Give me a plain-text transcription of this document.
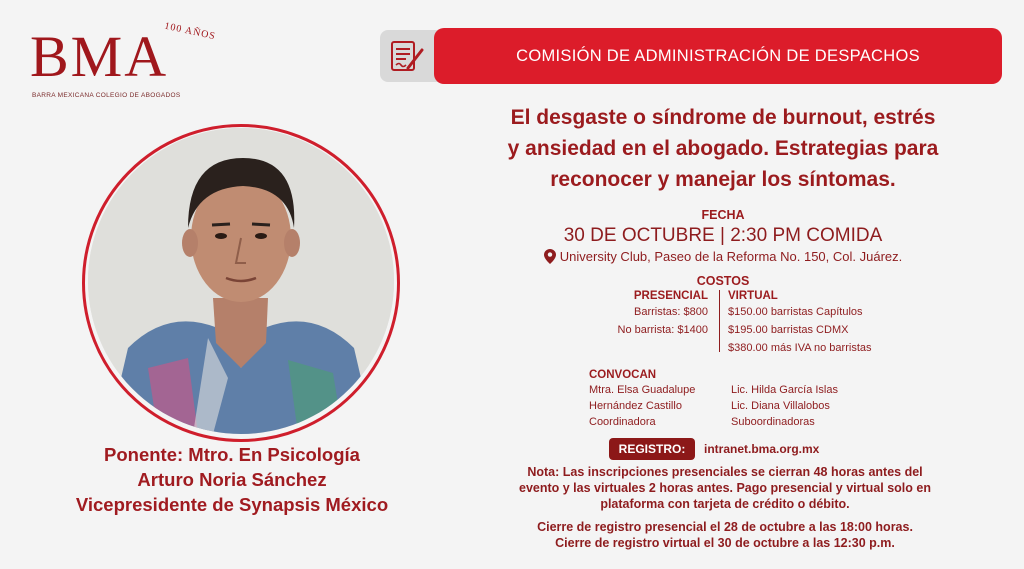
BMA
100 AÑOS
BARRA MEXICANA COLEGIO DE ABOGADOS
COMISIÓN DE ADMINISTRACIÓN DE DESPACHOS
Ponente: Mtro. En Psicología
Arturo Noria Sánchez
Vicepresidente de Synapsis México
El desgaste o síndrome de burnout, estrés
y ansiedad en el abogado. Estrategias para
reconocer y manejar los síntomas.
FECHA
30 DE OCTUBRE | 2:30 PM COMIDA
University Club, Paseo de la Reforma No. 150, Col. Juárez.
COSTOS
PRESENCIAL
Barristas: $800
No barrista: $1400
VIRTUAL
$150.00 barristas Capítulos
$195.00 barristas CDMX
$380.00 más IVA no barristas
CONVOCAN
Mtra. Elsa Guadalupe
Hernández Castillo
Coordinadora
Lic. Hilda García Islas
Lic. Diana Villalobos
Suboordinadoras
REGISTRO:	intranet.bma.org.mx
Nota: Las inscripciones presenciales se cierran 48 horas antes del
evento y las virtuales 2 horas antes. Pago presencial y virtual solo en
plataforma con tarjeta de crédito o débito.
Cierre de registro presencial el 28 de octubre a las 18:00 horas.
Cierre de registro virtual el 30 de octubre a las 12:30 p.m.
